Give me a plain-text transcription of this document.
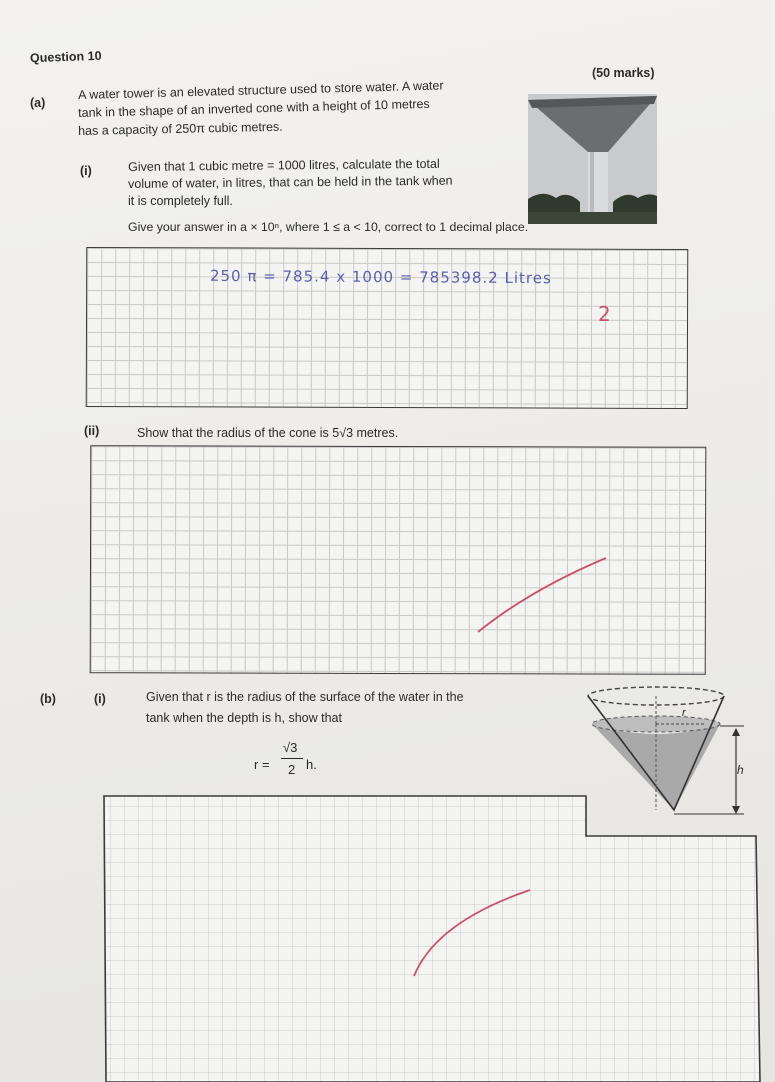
Question 10
(50 marks)
(a)
A water tower is an elevated structure used to store water. A water
tank in the shape of an inverted cone with a height of 10 metres
has a capacity of 250π cubic metres.
(i)	Given that 1 cubic metre = 1000 litres, calculate the total
volume of water, in litres, that can be held in the tank when
it is completely full.
Give your answer in a × 10ⁿ, where 1 ≤ a < 10, correct to 1 decimal place.
250 π = 785.4 x 1000 = 785398.2 Litres
2
(ii)	Show that the radius of the cone is 5√3 metres.
(b)	(i)	Given that r is the radius of the surface of the water in the
tank when the depth is h, show that
r =
√3
2 h.
r
h
